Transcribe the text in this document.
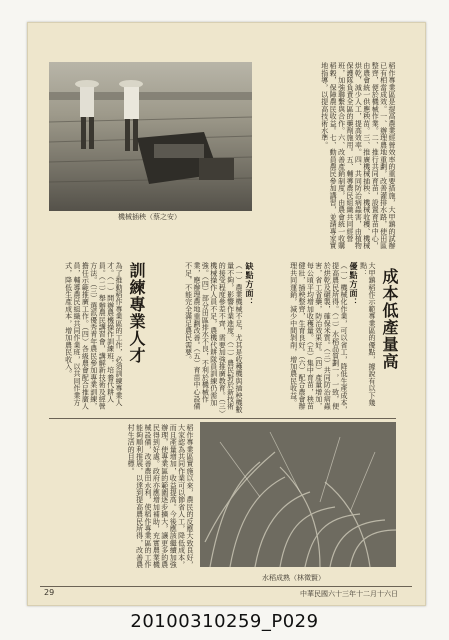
機械插秧（蔡之安）	稻作專業區是提高農業經營效率的重要措施，大甲鎮的試辦已有相當成效。一、辦理農地重劃，改善灌排水路，使田區整齊，便於機械作業。二、推行共同育苗，設置育苗中心，由農會統一供應秧苗。三、推廣機械插秧、機械收穫、機械烘乾，減少人工，提高效率。四、共同防治病蟲害，由植物保護隊負責全區的藥劑施用。五、輔導農民組織共同經營班，加強聯繫與合作。六、改善產銷制度，由農會統一收購稻穀，保障農民收益。七、動員農民參加講習，並請專家實地指導，以提高技術水準。
成本低產量高
大甲鎮稻作示範專業區的優點，據說有以下幾點：
優點方面：
（一）機械化作業，可以省工，降低生產成本，提高農民所得。（二）水稻品質劃一，一致，便於烘乾及碾製，確保米質。（三）共同防治病蟲害，省工省藥，防治效果好。（四）產量增加，每公頃平均增加收穫量。（五）集中育苗，秧苗健壯，插秧整齊，生育良好。（六）配合農會辦理共同運銷，減少中間剝削，增加農民收益。
缺點方面：
（一）農業機械不足，尤其是收穫機與插秧機數量不夠，影響作業進度。（二）農民對於新技術的接受程度參差不齊，需要加強推廣教育。（三）機械操作人員不足，農機代耕隊員訓練仍需加強。（四）部分田區排水不良，不利於機械作業，應辦理農地重劃改善。（五）育苗中心設備不足，不能完全滿足農民需要。
訓練專業人才
為了推動稻作專業區的工作，必須訓練專業人才。（一）開辦農機操作訓練班，培養代耕人員。（二）舉辦農民講習會，講解新技術及經營方法。（三）選派優秀青年農民參加專業訓練，擔任示範推廣工作。（四）各級農會配合推廣人員，輔導農民組織共同作業班，以共同作業方式，降低生產成本，增加農民收入。
稻作專業區實施以來，農民的反應大致良好，大家認為共同作業可以節省人工，降低成本，而且產量增加，收益提高。今後應該繼續加強辦理，使專業區的範圍逐步擴大，讓更多的農民得到好處。政府亦應增加補助，充實農業機械設備，改善農田水利，使稻作專業區的工作能夠順利推展，以達到提高農民所得，改善農村生活的目標。
水稻成熟（林徵賢）
29	中華民國六十三年十二月十六日
20100310259_P029
